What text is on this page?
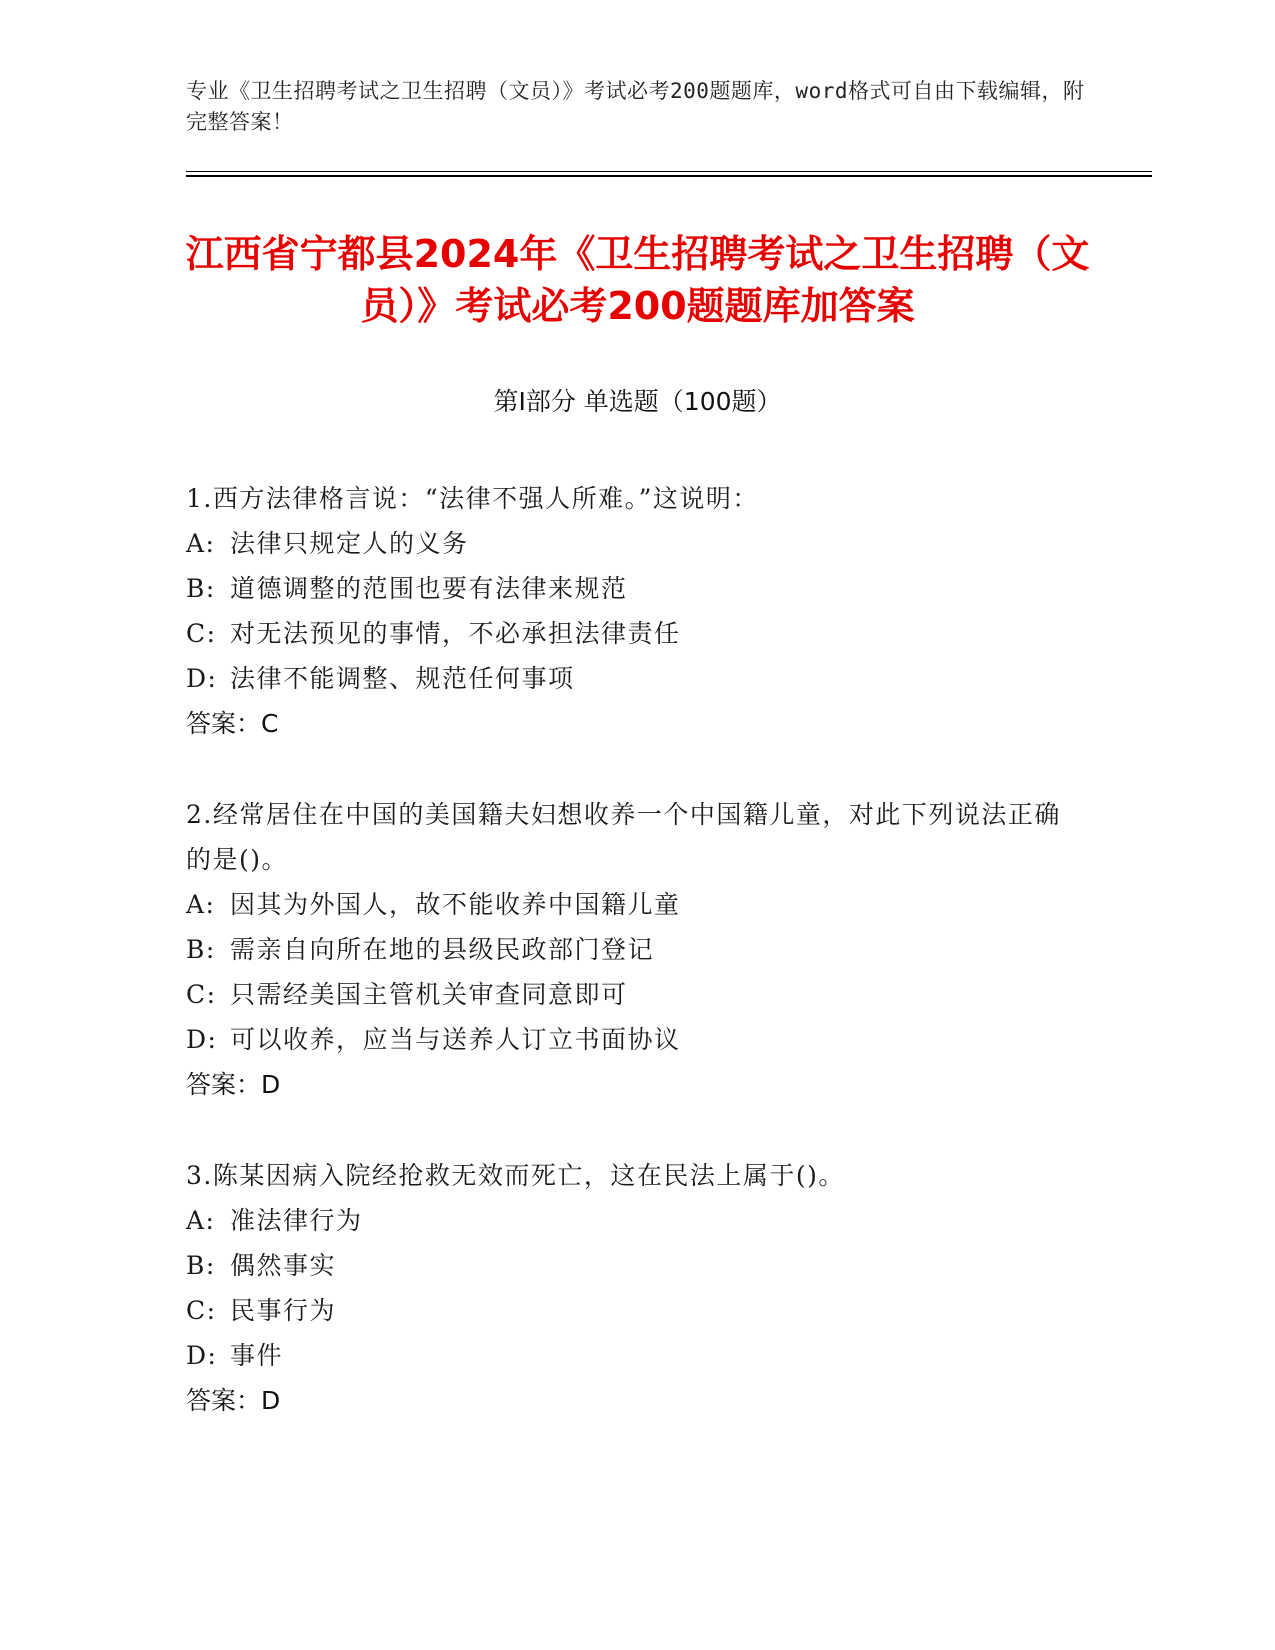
专业《卫生招聘考试之卫生招聘（文员）》考试必考200题题库，word格式可自由下载编辑，附完整答案！
江西省宁都县2024年《卫生招聘考试之卫生招聘（文员）》考试必考200题题库加答案
第Ⅰ部分 单选题（100题）
1.西方法律格言说：“法律不强人所难。”这说明：
A: 法律只规定人的义务
B: 道德调整的范围也要有法律来规范
C: 对无法预见的事情，不必承担法律责任
D: 法律不能调整、规范任何事项
答案：C
2.经常居住在中国的美国籍夫妇想收养一个中国籍儿童，对此下列说法正确的是()。
A: 因其为外国人，故不能收养中国籍儿童
B: 需亲自向所在地的县级民政部门登记
C: 只需经美国主管机关审查同意即可
D: 可以收养，应当与送养人订立书面协议
答案：D
3.陈某因病入院经抢救无效而死亡，这在民法上属于()。
A: 准法律行为
B: 偶然事实
C: 民事行为
D: 事件
答案：D
